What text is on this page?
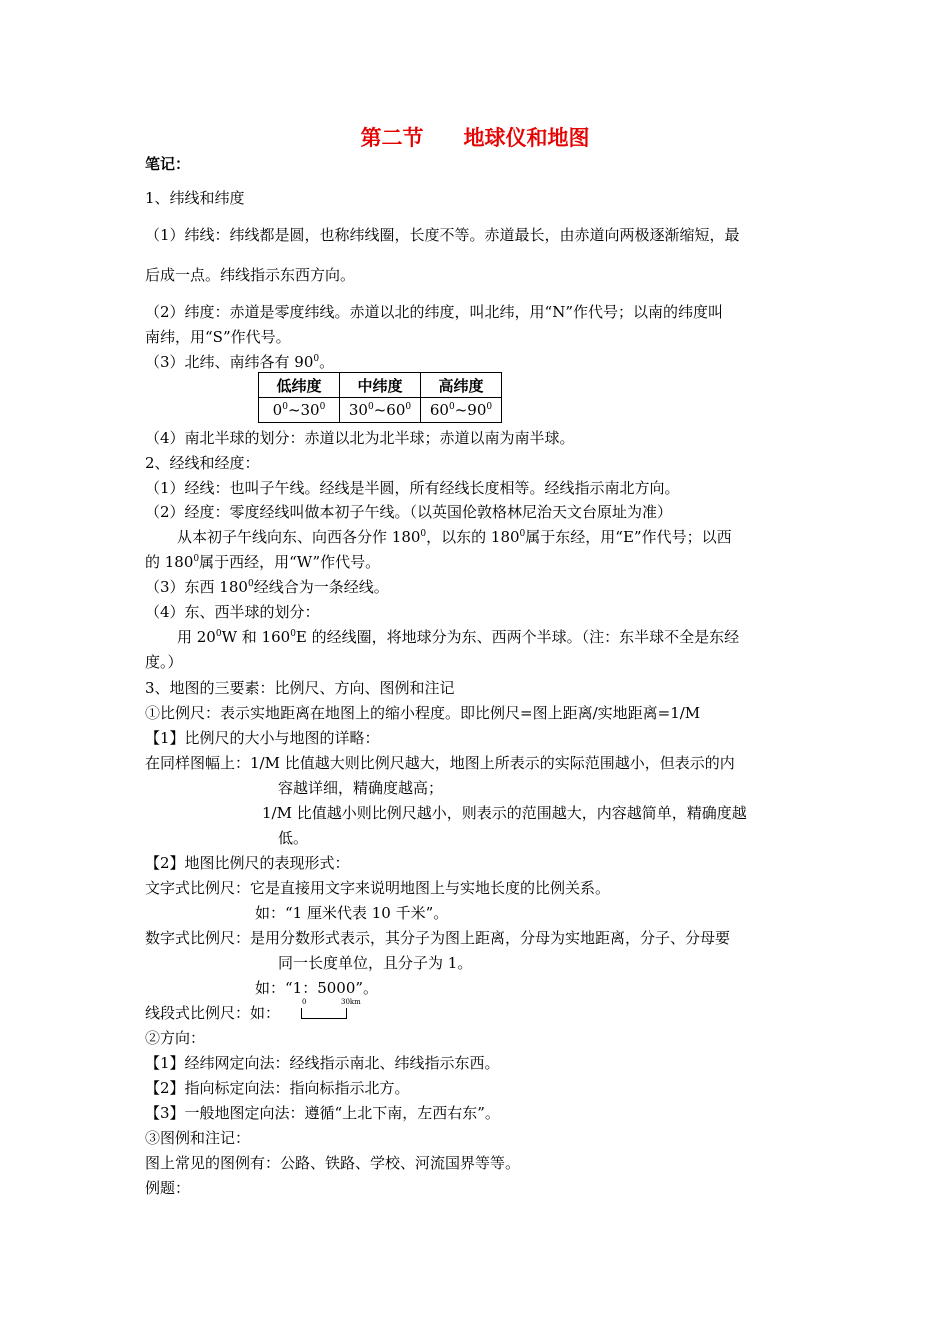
第二节 地球仪和地图
笔记：
1、纬线和纬度
（1）纬线：纬线都是圆，也称纬线圈，长度不等。赤道最长，由赤道向两极逐渐缩短，最
后成一点。纬线指示东西方向。
（2）纬度：赤道是零度纬线。赤道以北的纬度，叫北纬，用“N”作代号；以南的纬度叫
南纬，用“S”作代号。
（3）北纬、南纬各有 $90^0$。
低纬度	中纬度	高纬度
$0^0\sim 30^0$	$30^0\sim 60^0$	$60^0\sim 90^0$
（4）南北半球的划分：赤道以北为北半球；赤道以南为南半球。
2、经线和经度：
（1）经线：也叫子午线。经线是半圆，所有经线长度相等。经线指示南北方向。
（2）经度：零度经线叫做本初子午线。（以英国伦敦格林尼治天文台原址为准）
从本初子午线向东、向西各分作 $180^0$，以东的 $180^0$属于东经，用“E”作代号；以西
的 $180^0$属于西经，用“W”作代号。
（3）东西 $180^0$经线合为一条经线。
（4）东、西半球的划分：
用 $20^0W$ 和 $160^0E$ 的经线圈，将地球分为东、西两个半球。（注：东半球不全是东经
度。）
3、地图的三要素：比例尺、方向、图例和注记
①比例尺：表示实地距离在地图上的缩小程度。即比例尺=图上距离/实地距离=1/M
【1】比例尺的大小与地图的详略：
在同样图幅上：1/M 比值越大则比例尺越大，地图上所表示的实际范围越小，但表示的内
容越详细，精确度越高；
1/M 比值越小则比例尺越小，则表示的范围越大，内容越简单，精确度越
低。
【2】地图比例尺的表现形式：
文字式比例尺：它是直接用文字来说明地图上与实地长度的比例关系。
如：“1 厘米代表 10 千米”。
数字式比例尺：是用分数形式表示，其分子为图上距离，分母为实地距离，分子、分母要
同一长度单位，且分子为 1。
如：“1：5000”。
线段式比例尺：如：
0	30km
②方向：
【1】经纬网定向法：经线指示南北、纬线指示东西。
【2】指向标定向法：指向标指示北方。
【3】一般地图定向法：遵循“上北下南，左西右东”。
③图例和注记：
图上常见的图例有：公路、铁路、学校、河流国界等等。
例题：
